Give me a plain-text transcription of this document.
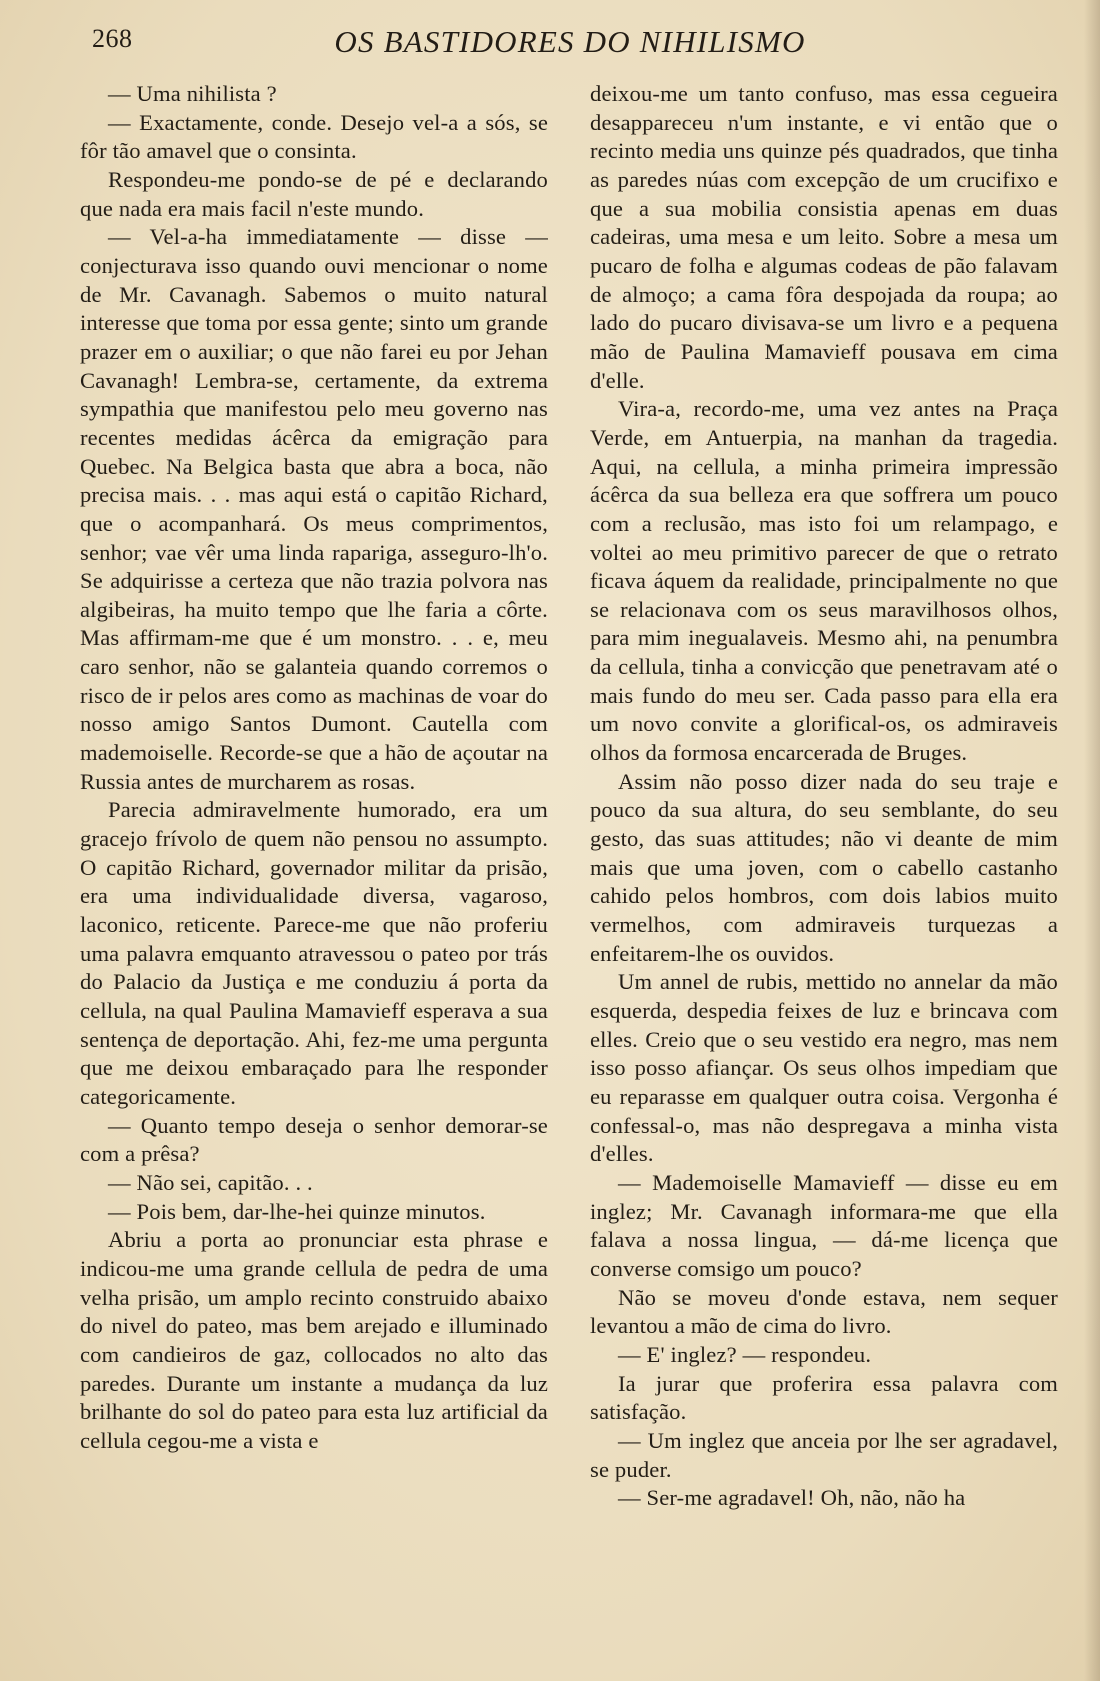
268	OS BASTIDORES DO NIHILISMO

— Uma nihilista ?

— Exactamente, conde. Desejo vel-a a sós, se fôr tão amavel que o consinta.

Respondeu-me pondo-se de pé e declarando que nada era mais facil n'este mundo.

— Vel-a-ha immediatamente — disse — conjecturava isso quando ouvi mencionar o nome de Mr. Cavanagh. Sabemos o muito natural interesse que toma por essa gente; sinto um grande prazer em o auxiliar; o que não farei eu por Jehan Cavanagh! Lembra-se, certamente, da extrema sympathia que manifestou pelo meu governo nas recentes medidas ácêrca da emigração para Quebec. Na Belgica basta que abra a boca, não precisa mais. . . mas aqui está o capitão Richard, que o acompanhará. Os meus comprimentos, senhor; vae vêr uma linda rapariga, asseguro-lh'o. Se adquirisse a certeza que não trazia polvora nas algibeiras, ha muito tempo que lhe faria a côrte. Mas affirmam-me que é um monstro. . . e, meu caro senhor, não se galanteia quando corremos o risco de ir pelos ares como as machinas de voar do nosso amigo Santos Dumont. Cautella com mademoiselle. Recorde-se que a hão de açoutar na Russia antes de murcharem as rosas.

Parecia admiravelmente humorado, era um gracejo frívolo de quem não pensou no assumpto. O capitão Richard, governador militar da prisão, era uma individualidade diversa, vagaroso, laconico, reticente. Parece-me que não proferiu uma palavra emquanto atravessou o pateo por trás do Palacio da Justiça e me conduziu á porta da cellula, na qual Paulina Mamavieff esperava a sua sentença de deportação. Ahi, fez-me uma pergunta que me deixou embaraçado para lhe responder categoricamente.

— Quanto tempo deseja o senhor demorar-se com a prêsa?

— Não sei, capitão. . .

— Pois bem, dar-lhe-hei quinze minutos.

Abriu a porta ao pronunciar esta phrase e indicou-me uma grande cellula de pedra de uma velha prisão, um amplo recinto construido abaixo do nivel do pateo, mas bem arejado e illuminado com candieiros de gaz, collocados no alto das paredes. Durante um instante a mudança da luz brilhante do sol do pateo para esta luz artificial da cellula cegou-me a vista e

deixou-me um tanto confuso, mas essa cegueira desappareceu n'um instante, e vi então que o recinto media uns quinze pés quadrados, que tinha as paredes núas com excepção de um crucifixo e que a sua mobilia consistia apenas em duas cadeiras, uma mesa e um leito. Sobre a mesa um pucaro de folha e algumas codeas de pão falavam de almoço; a cama fôra despojada da roupa; ao lado do pucaro divisava-se um livro e a pequena mão de Paulina Mamavieff pousava em cima d'elle.

Vira-a, recordo-me, uma vez antes na Praça Verde, em Antuerpia, na manhan da tragedia. Aqui, na cellula, a minha primeira impressão ácêrca da sua belleza era que soffrera um pouco com a reclusão, mas isto foi um relampago, e voltei ao meu primitivo parecer de que o retrato ficava áquem da realidade, principalmente no que se relacionava com os seus maravilhosos olhos, para mim inegualaveis. Mesmo ahi, na penumbra da cellula, tinha a convicção que penetravam até o mais fundo do meu ser. Cada passo para ella era um novo convite a glorifical-os, os admiraveis olhos da formosa encarcerada de Bruges.

Assim não posso dizer nada do seu traje e pouco da sua altura, do seu semblante, do seu gesto, das suas attitudes; não vi deante de mim mais que uma joven, com o cabello castanho cahido pelos hombros, com dois labios muito vermelhos, com admiraveis turquezas a enfeitarem-lhe os ouvidos.

Um annel de rubis, mettido no annelar da mão esquerda, despedia feixes de luz e brincava com elles. Creio que o seu vestido era negro, mas nem isso posso afiançar. Os seus olhos impediam que eu reparasse em qualquer outra coisa. Vergonha é confessal-o, mas não despregava a minha vista d'elles.

— Mademoiselle Mamavieff — disse eu em inglez; Mr. Cavanagh informara-me que ella falava a nossa lingua, — dá-me licença que converse comsigo um pouco?

Não se moveu d'onde estava, nem sequer levantou a mão de cima do livro.

— E' inglez? — respondeu.

Ia jurar que proferira essa palavra com satisfação.

— Um inglez que anceia por lhe ser agradavel, se puder.

— Ser-me agradavel! Oh, não, não ha
